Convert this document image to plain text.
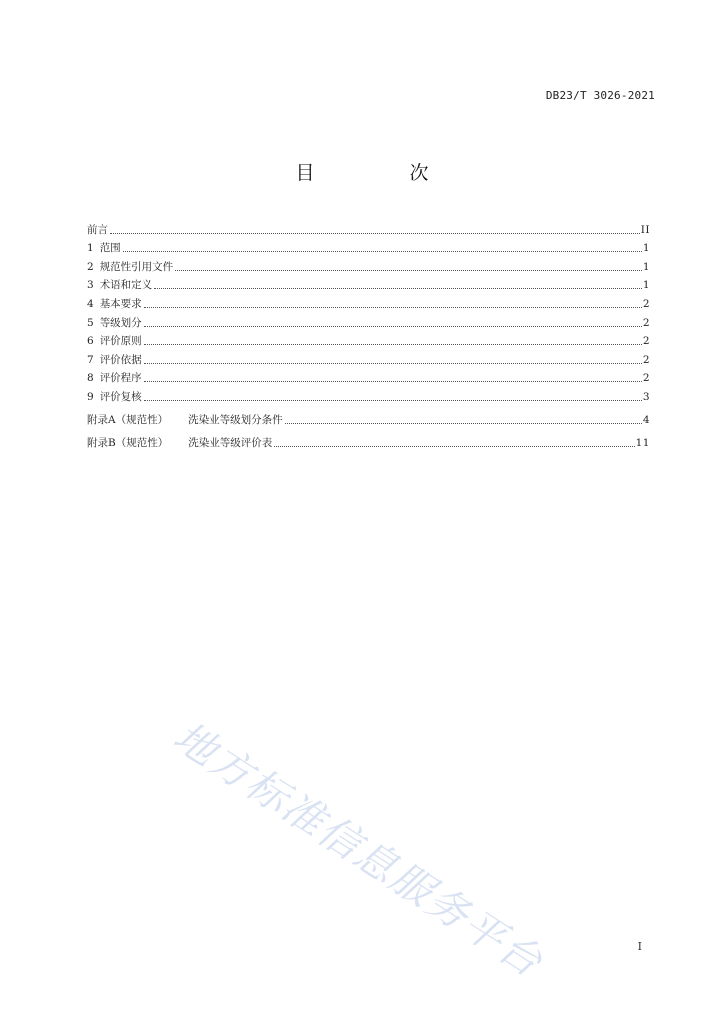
DB23/T 3026-2021
目　次
前言	II
1 范围	1
2 规范性引用文件	1
3 术语和定义	1
4 基本要求	2
5 等级划分	2
6 评价原则	2
7 评价依据	2
8 评价程序	2
9 评价复核	3
附录A（规范性） 洗染业等级划分条件	4
附录B（规范性） 洗染业等级评价表	11
地方标准信息服务平台	I
